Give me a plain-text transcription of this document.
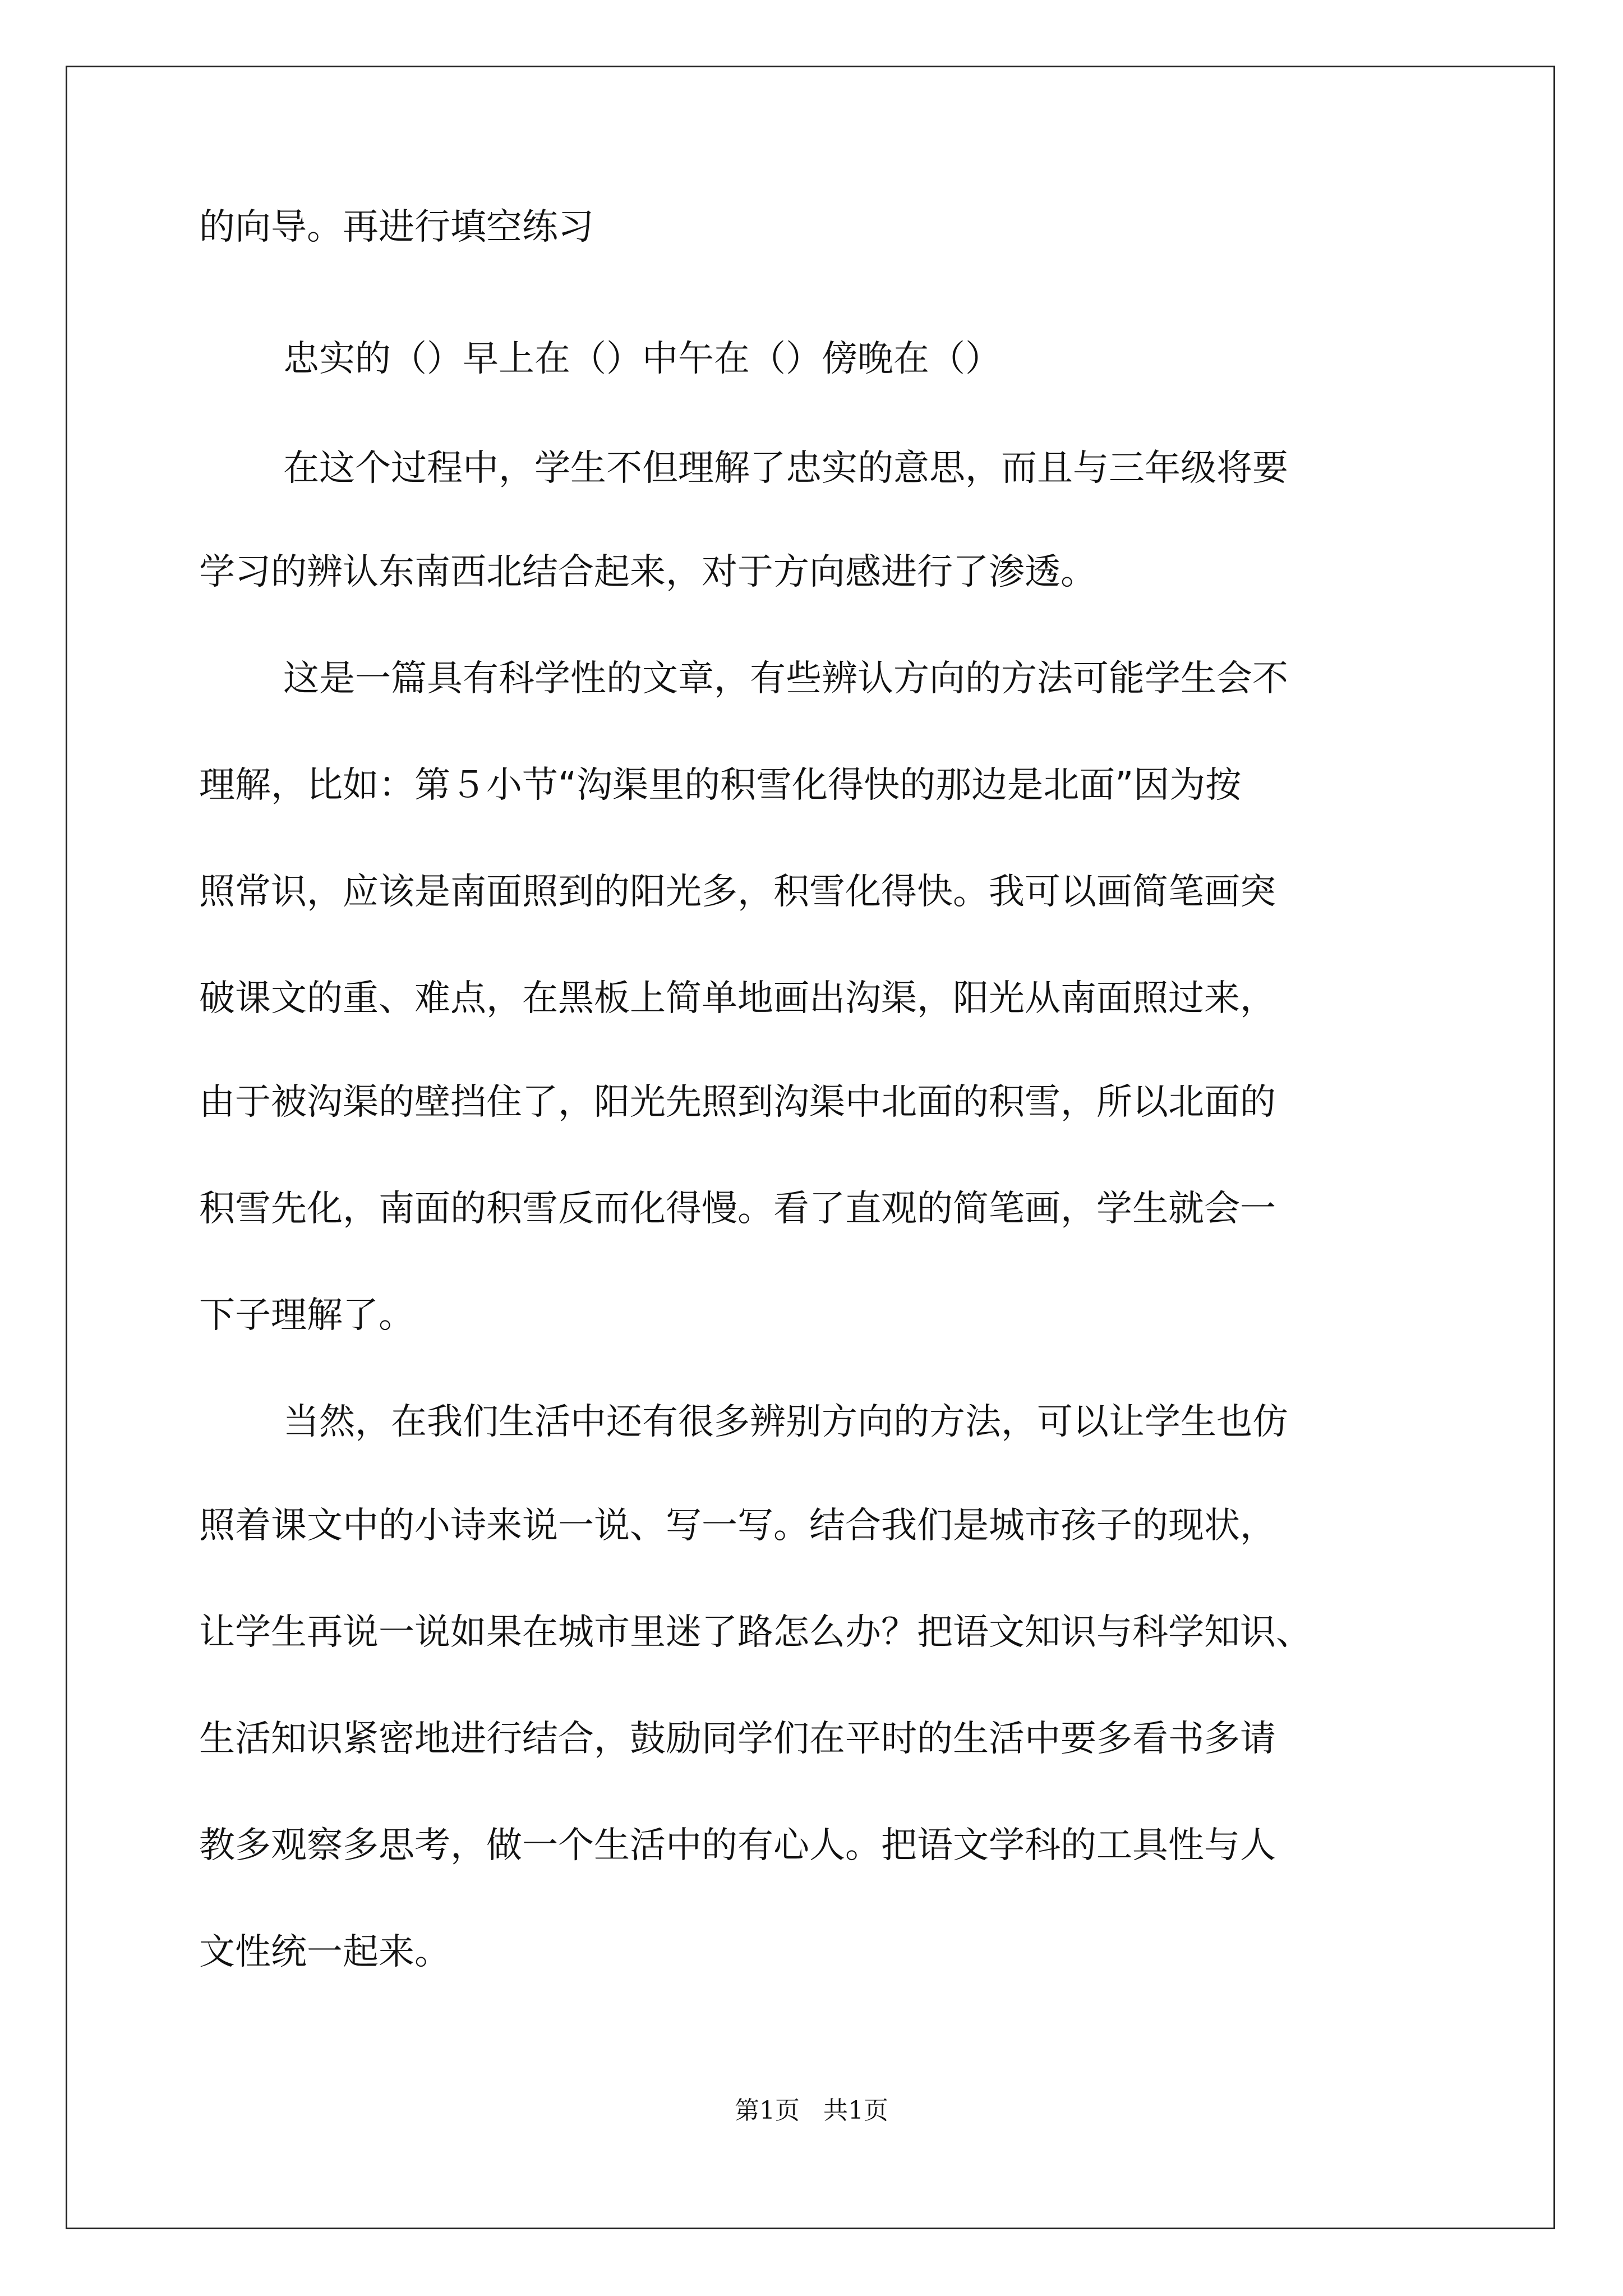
的向导。再进行填空练习
忠实的（）早上在（）中午在（）傍晚在（）
在这个过程中，学生不但理解了忠实的意思，而且与三年级将要
学习的辨认东南西北结合起来，对于方向感进行了渗透。
这是一篇具有科学性的文章，有些辨认方向的方法可能学生会不
理解，比如：第５小节“沟渠里的积雪化得快的那边是北面”因为按
照常识，应该是南面照到的阳光多，积雪化得快。我可以画简笔画突
破课文的重、难点，在黑板上简单地画出沟渠，阳光从南面照过来，
由于被沟渠的壁挡住了，阳光先照到沟渠中北面的积雪，所以北面的
积雪先化，南面的积雪反而化得慢。看了直观的简笔画，学生就会一
下子理解了。
当然，在我们生活中还有很多辨别方向的方法，可以让学生也仿
照着课文中的小诗来说一说、写一写。结合我们是城市孩子的现状，
让学生再说一说如果在城市里迷了路怎么办？把语文知识与科学知识、
生活知识紧密地进行结合，鼓励同学们在平时的生活中要多看书多请
教多观察多思考，做一个生活中的有心人。把语文学科的工具性与人
文性统一起来。
第1页   共1页
